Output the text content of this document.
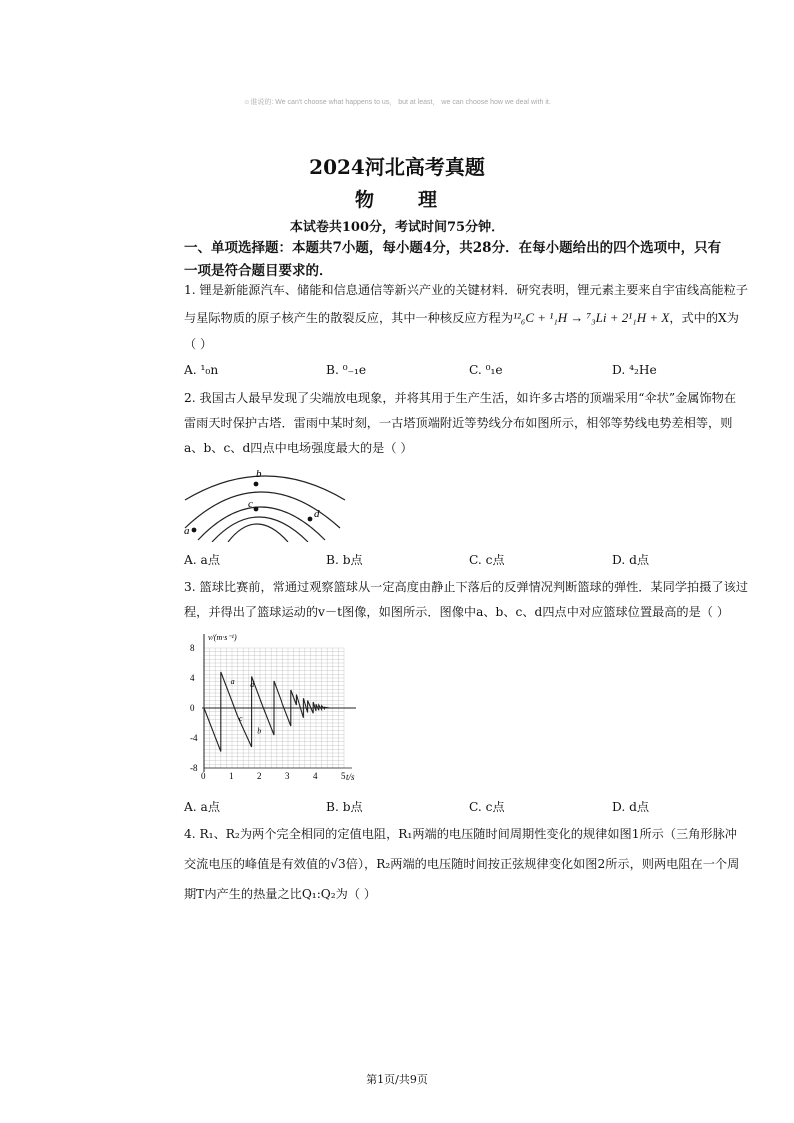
☺谁说的: We can't choose what happens to us， but at least， we can choose how we deal with it.
2024河北高考真题
物 理
本试卷共100分，考试时间75分钟．
一、单项选择题：本题共7小题，每小题4分，共28分．在每小题给出的四个选项中，只有
一项是符合题目要求的．

1. 锂是新能源汽车、储能和信息通信等新兴产业的关键材料．研究表明，锂元素主要来自宇宙线高能粒子

与星际物质的原子核产生的散裂反应，其中一种核反应方程为¹²₆C + ¹₁H → ⁷₃Li + 2¹₁H + X，式中的X为

（ ）

A. ¹₀n	B. ⁰₋₁e	C. ⁰₁e	D. ⁴₂He

2. 我国古人最早发现了尖端放电现象，并将其用于生产生活，如许多古塔的顶端采用“伞状”金属饰物在

雷雨天时保护古塔．雷雨中某时刻，一古塔顶端附近等势线分布如图所示，相邻等势线电势差相等，则

a、b、c、d四点中电场强度最大的是（ ）

a
b
c
d
A. a点	B. b点	C. c点	D. d点

3. 篮球比赛前，常通过观察篮球从一定高度由静止下落后的反弹情况判断篮球的弹性．某同学拍摄了该过

程，并得出了篮球运动的v－t图像，如图所示．图像中a、b、c、d四点中对应篮球位置最高的是（ ）

0	1	2	3	4	5
8
4
0
-4
-8
v/(m·s⁻¹)
t/s
a
b
c
d
A. a点	B. b点	C. c点	D. d点

4. R₁、R₂为两个完全相同的定值电阻，R₁两端的电压随时间周期性变化的规律如图1所示（三角形脉冲

交流电压的峰值是有效值的√3倍），R₂两端的电压随时间按正弦规律变化如图2所示，则两电阻在一个周

期T内产生的热量之比Q₁:Q₂为（ ）

第1页/共9页
